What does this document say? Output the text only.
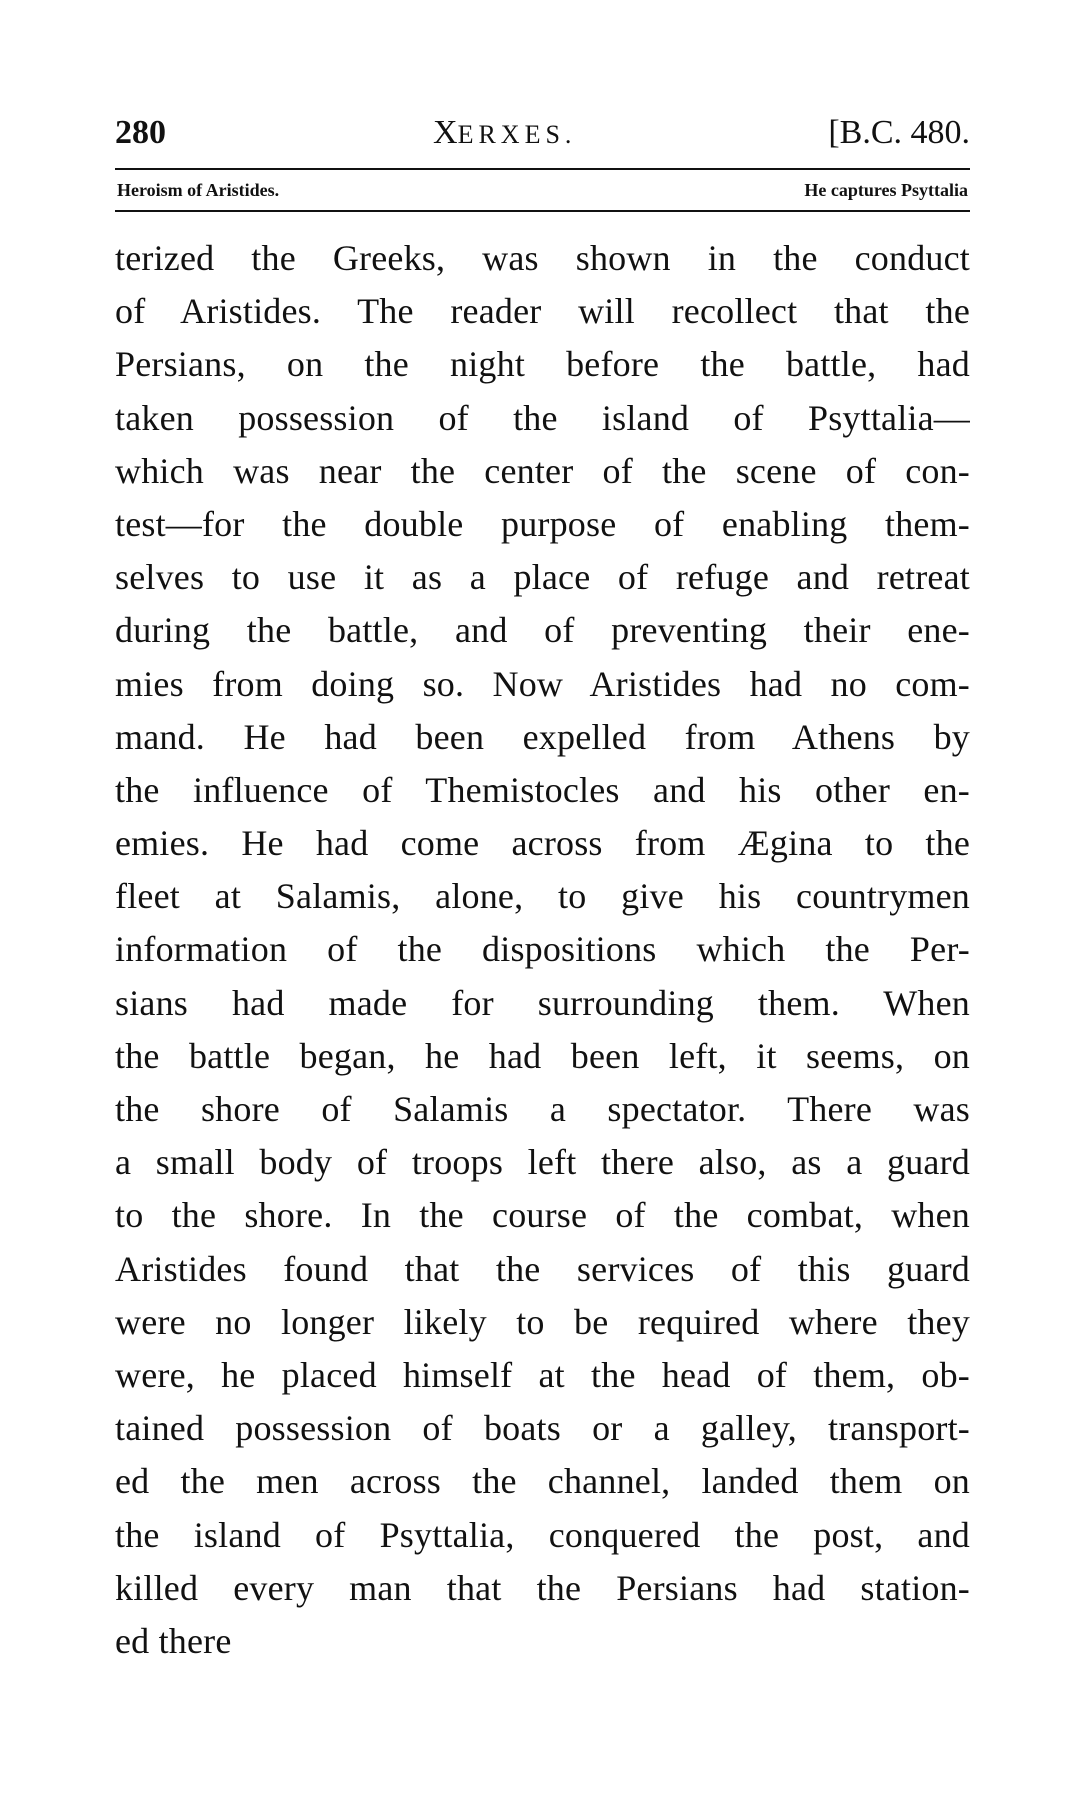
280	XERXES.	[B.C. 480.
Heroism of Aristides.	He captures Psyttalia
terized the Greeks, was shown in the conduct
of Aristides. The reader will recollect that the
Persians, on the night before the battle, had
taken possession of the island of Psyttalia—
which was near the center of the scene of con-
test—for the double purpose of enabling them-
selves to use it as a place of refuge and retreat
during the battle, and of preventing their ene-
mies from doing so. Now Aristides had no com-
mand. He had been expelled from Athens by
the influence of Themistocles and his other en-
emies. He had come across from Ægina to the
fleet at Salamis, alone, to give his countrymen
information of the dispositions which the Per-
sians had made for surrounding them. When
the battle began, he had been left, it seems, on
the shore of Salamis a spectator. There was
a small body of troops left there also, as a guard
to the shore. In the course of the combat, when
Aristides found that the services of this guard
were no longer likely to be required where they
were, he placed himself at the head of them, ob-
tained possession of boats or a galley, transport-
ed the men across the channel, landed them on
the island of Psyttalia, conquered the post, and
killed every man that the Persians had station-
ed there
